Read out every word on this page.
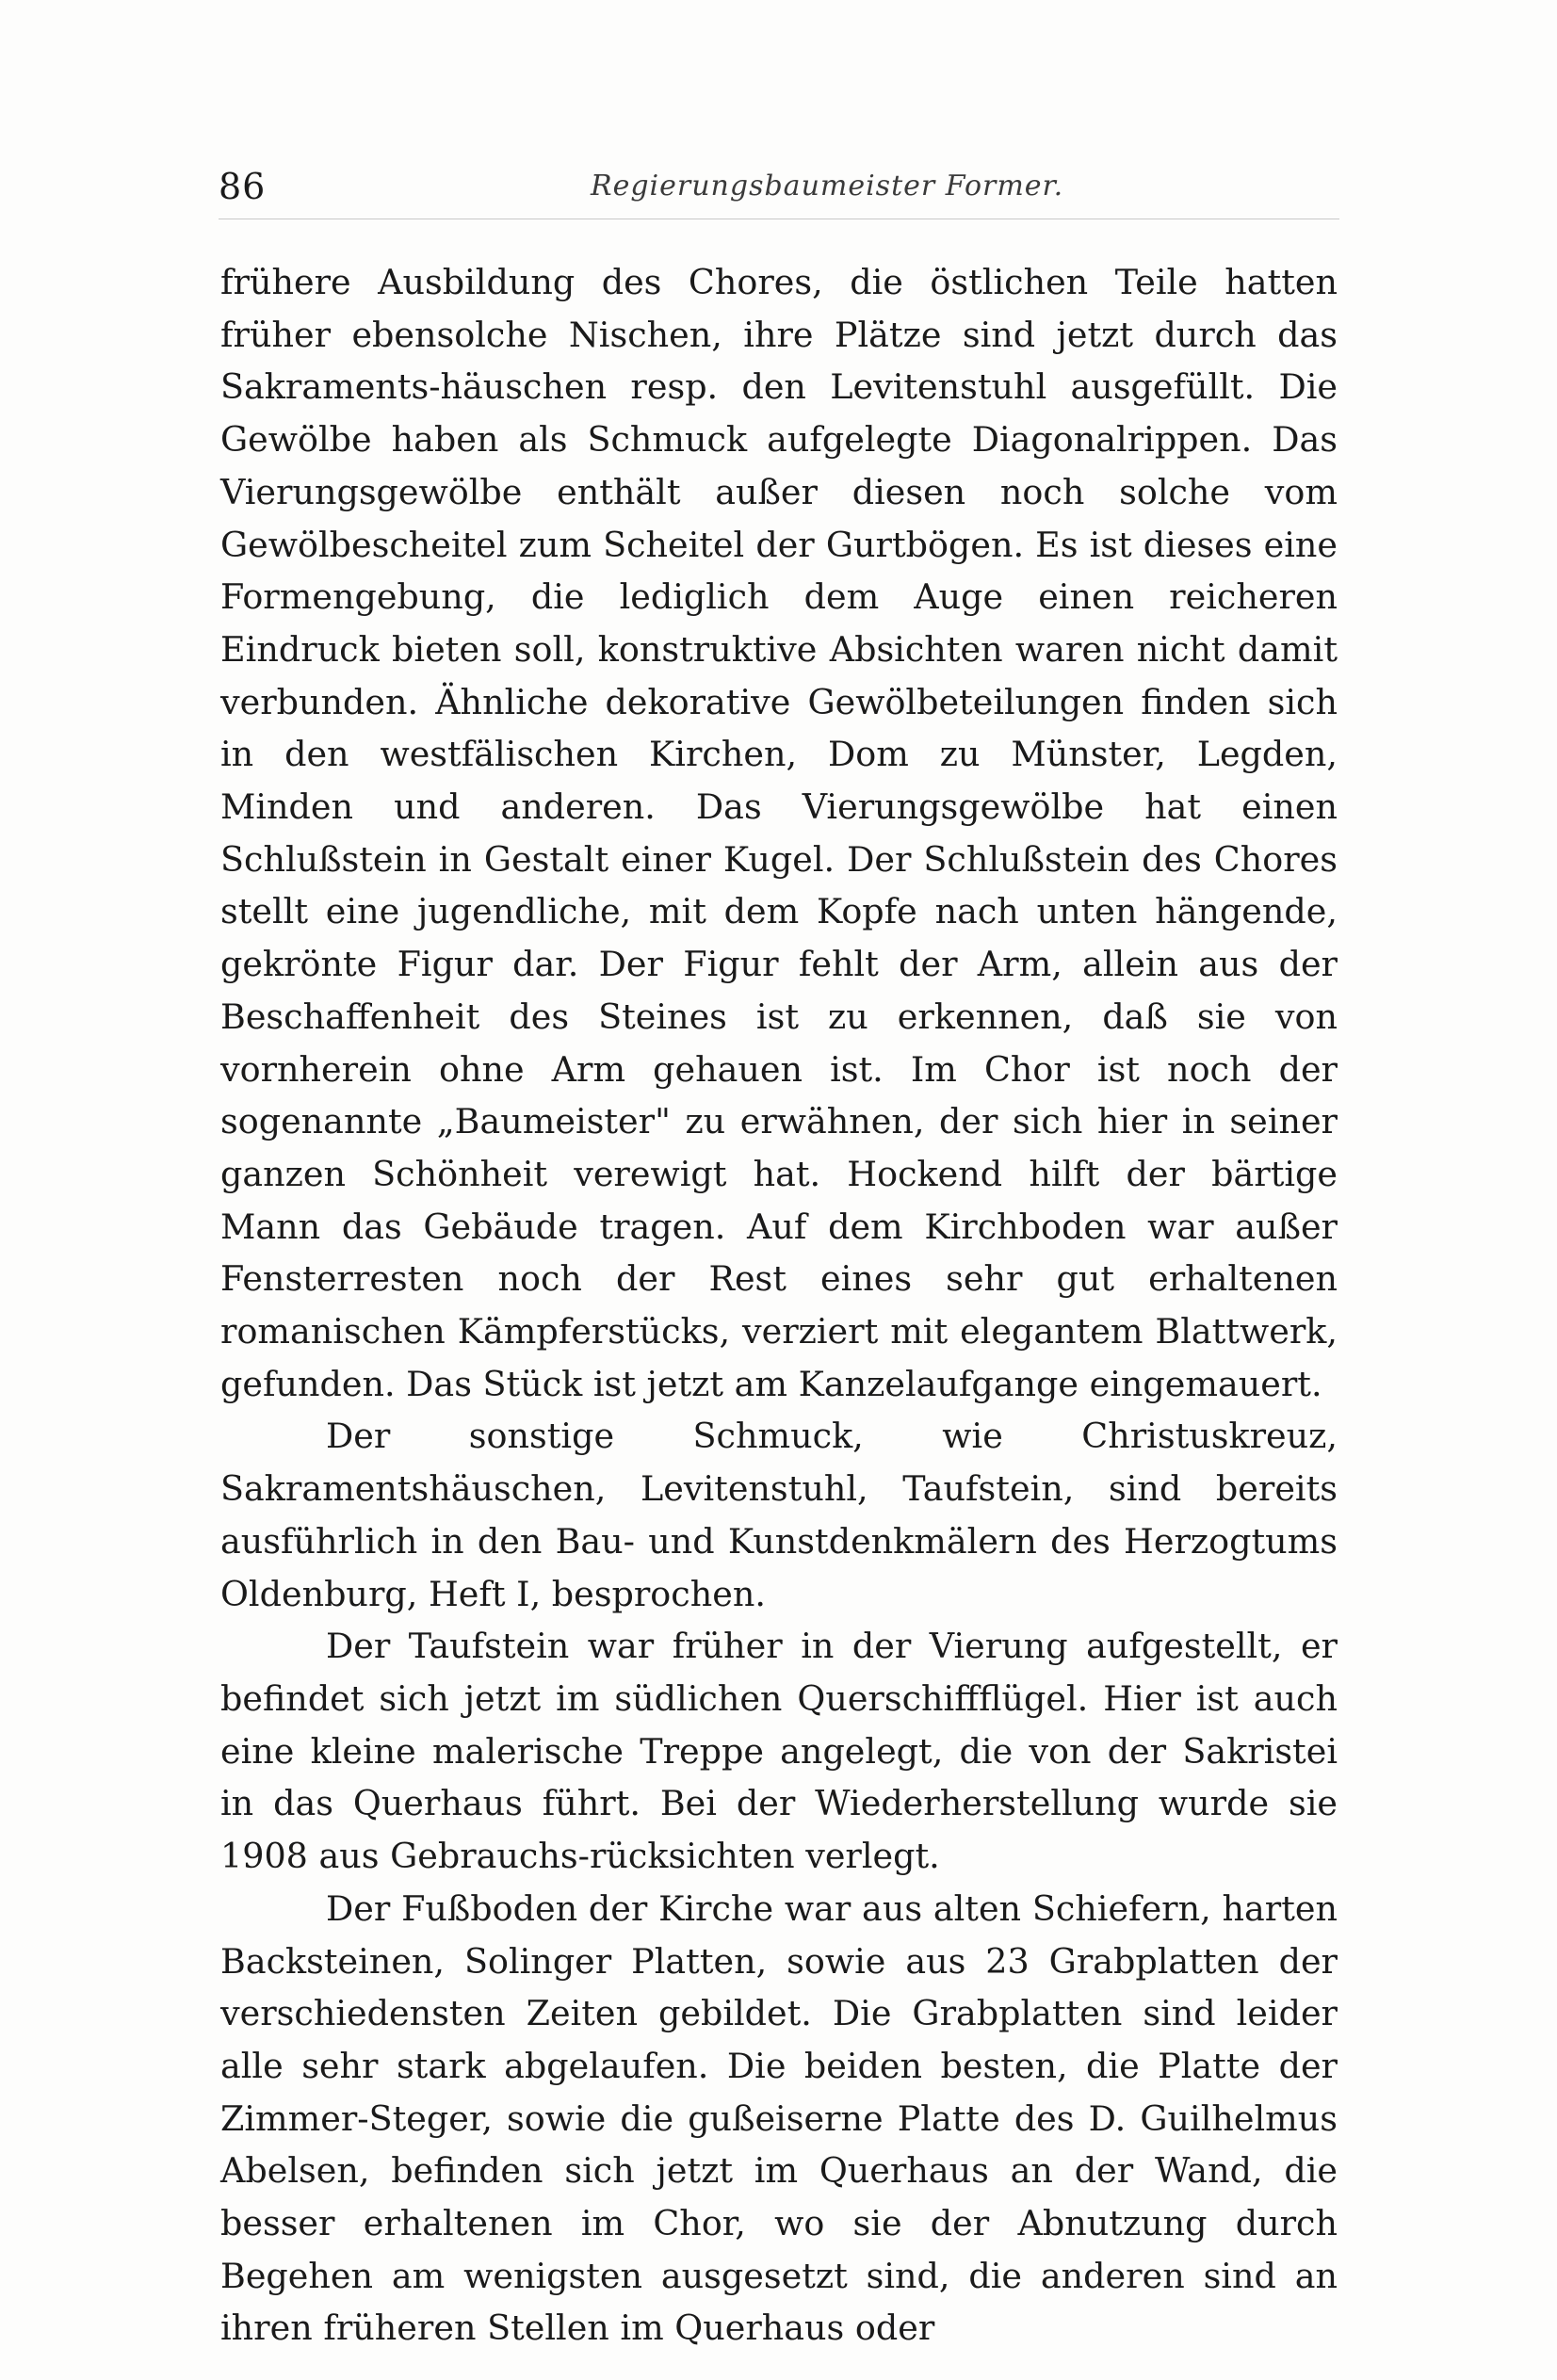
86	Regierungsbaumeister Former.

frühere Ausbildung des Chores, die östlichen Teile hatten früher ebensolche Nischen, ihre Plätze sind jetzt durch das Sakraments-häuschen resp. den Levitenstuhl ausgefüllt. Die Gewölbe haben als Schmuck aufgelegte Diagonalrippen. Das Vierungsgewölbe enthält außer diesen noch solche vom Gewölbescheitel zum Scheitel der Gurtbögen. Es ist dieses eine Formengebung, die lediglich dem Auge einen reicheren Eindruck bieten soll, konstruktive Absichten waren nicht damit verbunden. Ähnliche dekorative Gewölbeteilungen finden sich in den westfälischen Kirchen, Dom zu Münster, Legden, Minden und anderen. Das Vierungsgewölbe hat einen Schlußstein in Gestalt einer Kugel. Der Schlußstein des Chores stellt eine jugendliche, mit dem Kopfe nach unten hängende, gekrönte Figur dar. Der Figur fehlt der Arm, allein aus der Beschaffenheit des Steines ist zu erkennen, daß sie von vornherein ohne Arm gehauen ist. Im Chor ist noch der sogenannte „Baumeister" zu erwähnen, der sich hier in seiner ganzen Schönheit verewigt hat. Hockend hilft der bärtige Mann das Gebäude tragen. Auf dem Kirchboden war außer Fensterresten noch der Rest eines sehr gut erhaltenen romanischen Kämpferstücks, verziert mit elegantem Blattwerk, gefunden. Das Stück ist jetzt am Kanzelaufgange eingemauert.

Der sonstige Schmuck, wie Christuskreuz, Sakramentshäuschen, Levitenstuhl, Taufstein, sind bereits ausführlich in den Bau- und Kunstdenkmälern des Herzogtums Oldenburg, Heft I, besprochen.

Der Taufstein war früher in der Vierung aufgestellt, er befindet sich jetzt im südlichen Querschiffflügel. Hier ist auch eine kleine malerische Treppe angelegt, die von der Sakristei in das Querhaus führt. Bei der Wiederherstellung wurde sie 1908 aus Gebrauchs-rücksichten verlegt.

Der Fußboden der Kirche war aus alten Schiefern, harten Backsteinen, Solinger Platten, sowie aus 23 Grabplatten der verschiedensten Zeiten gebildet. Die Grabplatten sind leider alle sehr stark abgelaufen. Die beiden besten, die Platte der Zimmer-Steger, sowie die gußeiserne Platte des D. Guilhelmus Abelsen, befinden sich jetzt im Querhaus an der Wand, die besser erhaltenen im Chor, wo sie der Abnutzung durch Begehen am wenigsten ausgesetzt sind, die anderen sind an ihren früheren Stellen im Querhaus oder
